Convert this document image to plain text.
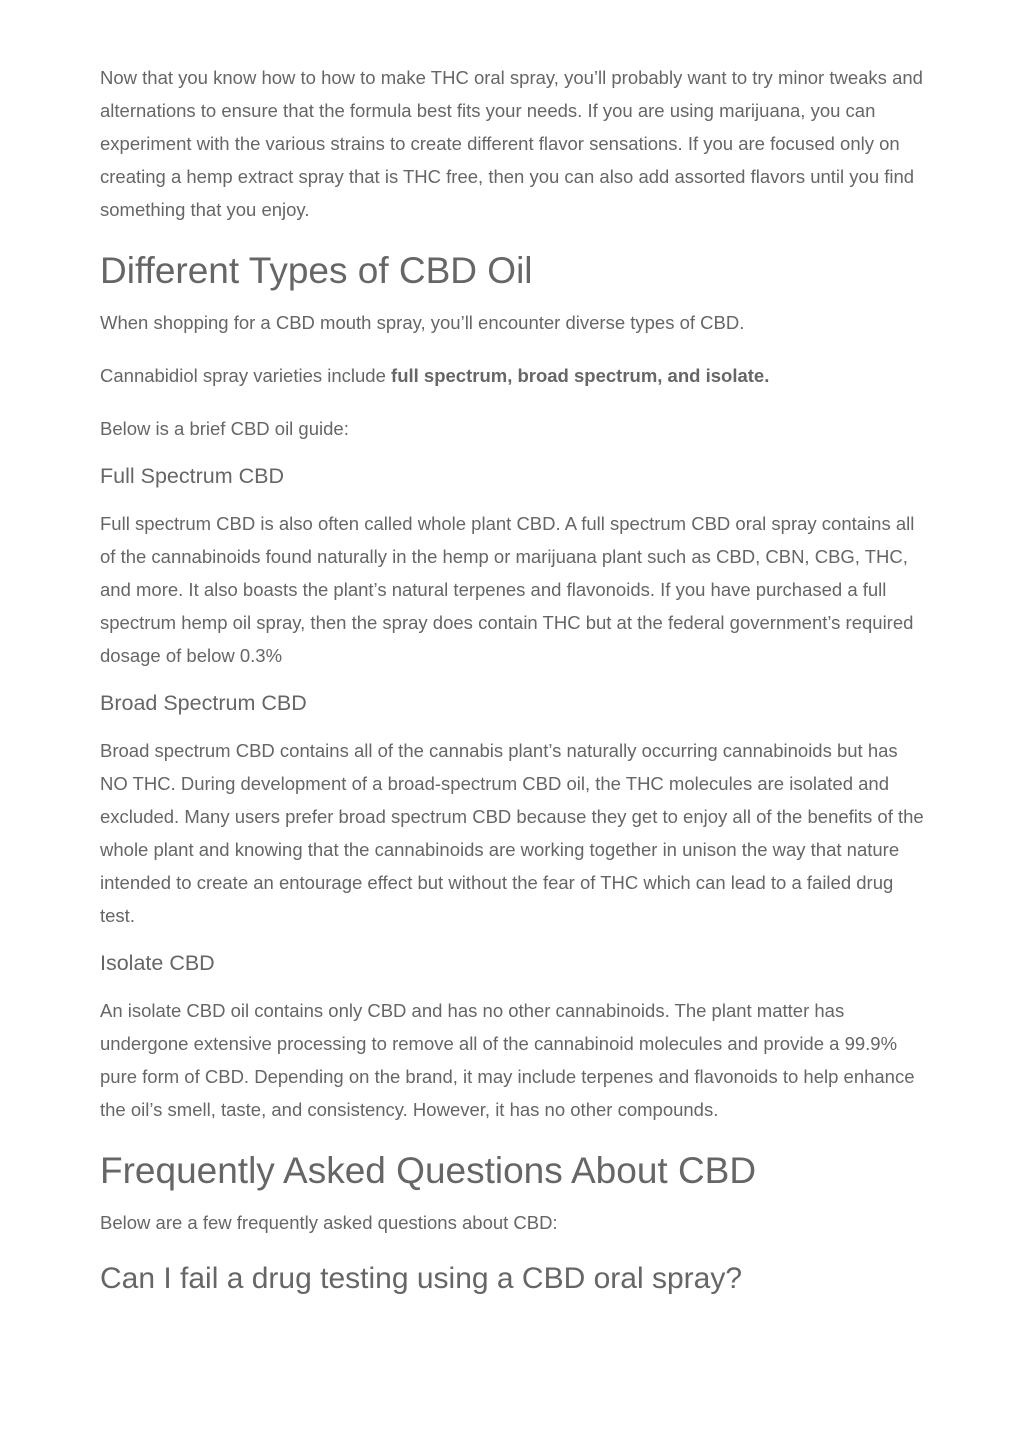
Now that you know how to how to make THC oral spray, you’ll probably want to try minor tweaks and alternations to ensure that the formula best fits your needs. If you are using marijuana, you can experiment with the various strains to create different flavor sensations. If you are focused only on creating a hemp extract spray that is THC free, then you can also add assorted flavors until you find something that you enjoy.

Different Types of CBD Oil

When shopping for a CBD mouth spray, you’ll encounter diverse types of CBD.

Cannabidiol spray varieties include full spectrum, broad spectrum, and isolate.

Below is a brief CBD oil guide:

Full Spectrum CBD

Full spectrum CBD is also often called whole plant CBD. A full spectrum CBD oral spray contains all of the cannabinoids found naturally in the hemp or marijuana plant such as CBD, CBN, CBG, THC, and more. It also boasts the plant’s natural terpenes and flavonoids. If you have purchased a full spectrum hemp oil spray, then the spray does contain THC but at the federal government’s required dosage of below 0.3%

Broad Spectrum CBD

Broad spectrum CBD contains all of the cannabis plant’s naturally occurring cannabinoids but has NO THC. During development of a broad-spectrum CBD oil, the THC molecules are isolated and excluded. Many users prefer broad spectrum CBD because they get to enjoy all of the benefits of the whole plant and knowing that the cannabinoids are working together in unison the way that nature intended to create an entourage effect but without the fear of THC which can lead to a failed drug test.

Isolate CBD

An isolate CBD oil contains only CBD and has no other cannabinoids. The plant matter has undergone extensive processing to remove all of the cannabinoid molecules and provide a 99.9% pure form of CBD. Depending on the brand, it may include terpenes and flavonoids to help enhance the oil’s smell, taste, and consistency. However, it has no other compounds.

Frequently Asked Questions About CBD

Below are a few frequently asked questions about CBD:

Can I fail a drug testing using a CBD oral spray?
